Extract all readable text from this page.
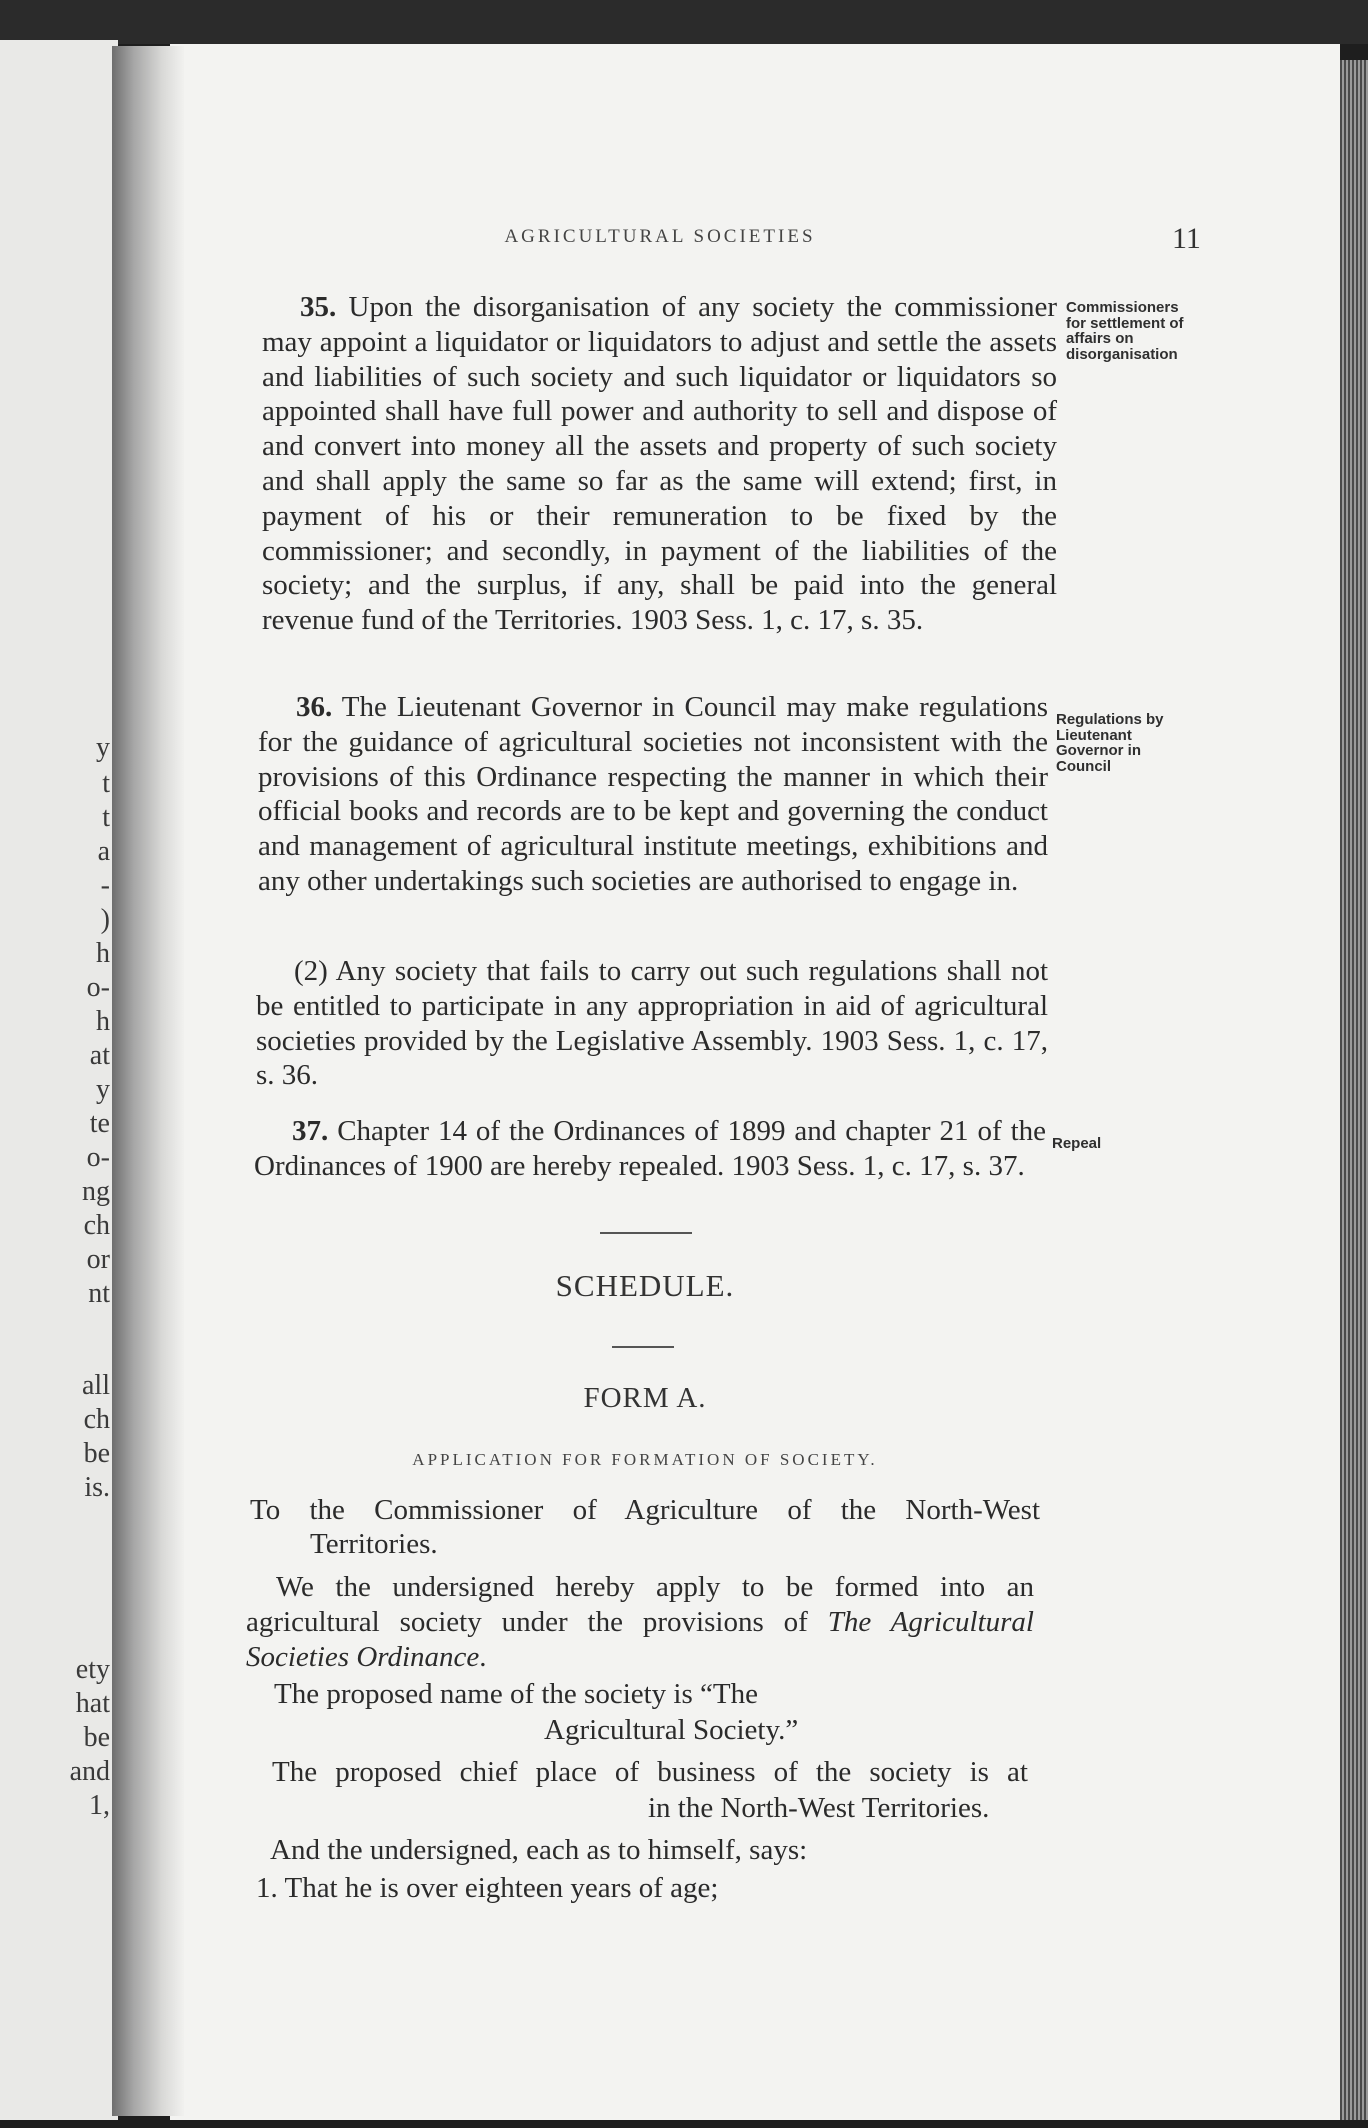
y
t
t
a
-
)
h
o-
h
at
y
te
o-
ng
ch
or
nt
all
ch
be
is.
ety
hat
be
and
1,
AGRICULTURAL SOCIETIES	11

35. Upon the disorganisation of any society the commissioner may appoint a liquidator or liquidators to adjust and settle the assets and liabilities of such society and such liquidator or liquidators so appointed shall have full power and authority to sell and dispose of and convert into money all the assets and property of such society and shall apply the same so far as the same will extend; first, in payment of his or their remuneration to be fixed by the commissioner; and secondly, in payment of the liabilities of the society; and the surplus, if any, shall be paid into the general revenue fund of the Territories. 1903 Sess. 1, c. 17, s. 35.

Commissioners for settlement of affairs on disorganisation

36. The Lieutenant Governor in Council may make regulations for the guidance of agricultural societies not inconsistent with the provisions of this Ordinance respecting the manner in which their official books and records are to be kept and governing the conduct and management of agricultural institute meetings, exhibitions and any other undertakings such societies are authorised to engage in.

Regulations by Lieutenant Governor in Council

(2) Any society that fails to carry out such regulations shall not be entitled to participate in any appropriation in aid of agricultural societies provided by the Legislative Assembly. 1903 Sess. 1, c. 17, s. 36.

37. Chapter 14 of the Ordinances of 1899 and chapter 21 of the Ordinances of 1900 are hereby repealed. 1903 Sess. 1, c. 17, s. 37.

Repeal

SCHEDULE.

FORM A.

APPLICATION FOR FORMATION OF SOCIETY.

To the Commissioner of Agriculture of the North-West

Territories.

We the undersigned hereby apply to be formed into an agricultural society under the provisions of The Agricultural Societies Ordinance.

The proposed name of the society is “The

Agricultural Society.”

The proposed chief place of business of the society is at

in the North-West Territories.

And the undersigned, each as to himself, says:

1. That he is over eighteen years of age;
